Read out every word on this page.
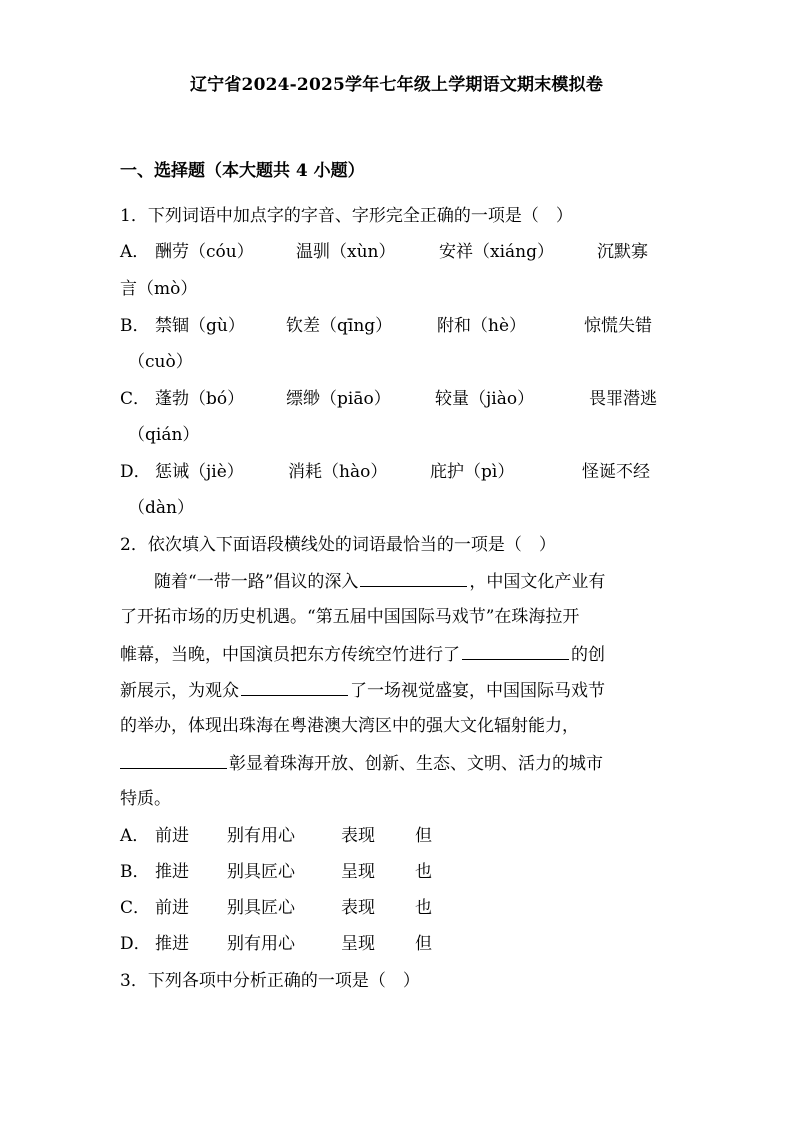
辽宁省2024-2025学年七年级上学期语文期末模拟卷
一、选择题（本大题共 4 小题）
1．下列词语中加点字的字音、字形完全正确的一项是（　）
A． 酬劳（cóu） 温驯（xùn）	安祥（xiáng）	沉默寡
言（mò）
B． 禁锢（gù） 钦差（qīng）	附和（hè）	惊慌失错
（cuò）
C． 蓬勃（bó） 缥缈（piāo）	较量（jiào）	畏罪潜逃
（qián）
D． 惩诫（jiè）	消耗（hào）	庇护（pì）	怪诞不经
（dàn）
2．依次填入下面语段横线处的词语最恰当的一项是（　）
　　随着“一带一路”倡议的深入	，中国文化产业有
了开拓市场的历史机遇。“第五届中国国际马戏节”在珠海拉开
帷幕，当晚，中国演员把东方传统空竹进行了	的创
新展示，为观众	了一场视觉盛宴，中国国际马戏节
的举办，体现出珠海在粤港澳大湾区中的强大文化辐射能力，
彰显着珠海开放、创新、生态、文明、活力的城市
特质。
A． 前进 别有用心	表现 但
B． 推进 别具匠心	呈现 也
C． 前进 别具匠心	表现 也
D． 推进 别有用心	呈现 但
3．下列各项中分析正确的一项是（　）
